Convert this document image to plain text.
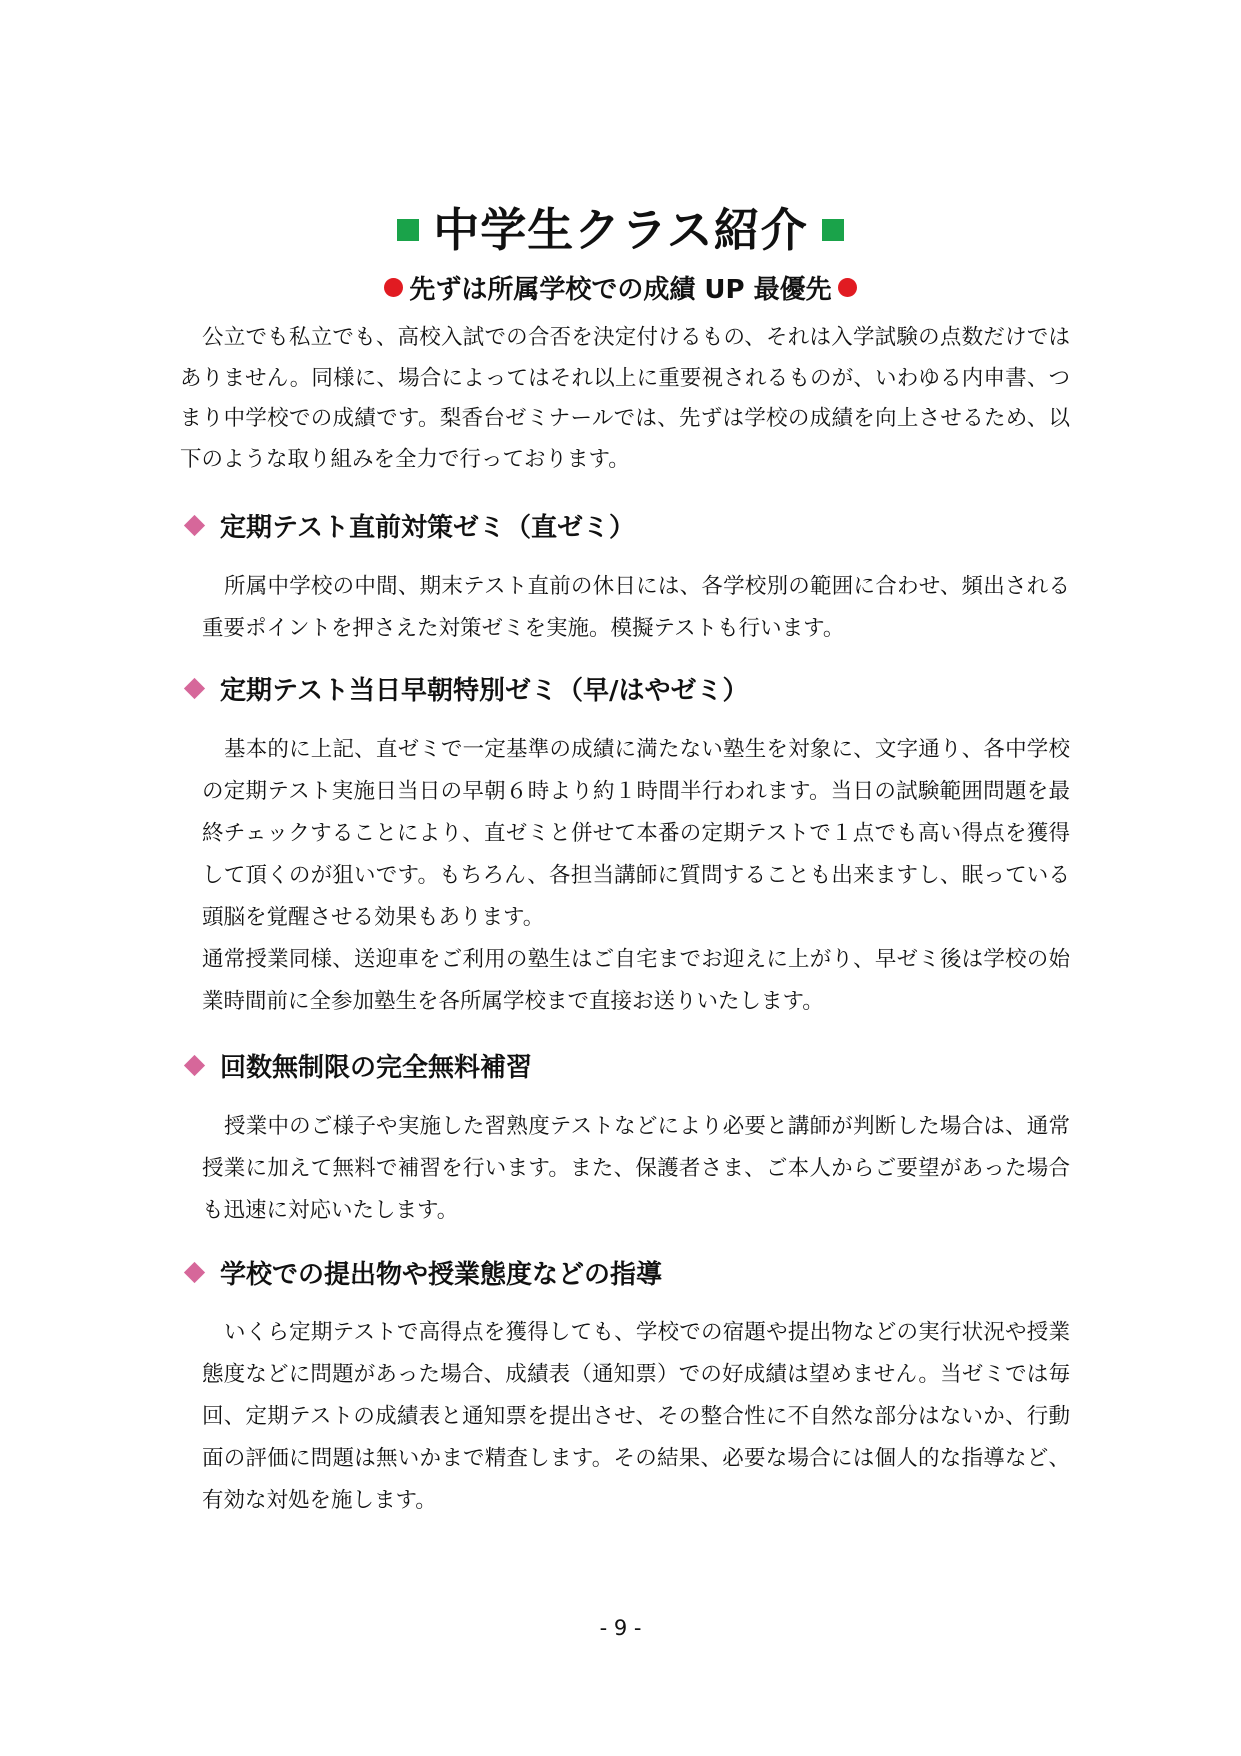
中学生クラス紹介
先ずは所属学校での成績 UP 最優先
公立でも私立でも、高校入試での合否を決定付けるもの、それは入学試験の点数だけではありません。同様に、場合によってはそれ以上に重要視されるものが、いわゆる内申書、つまり中学校での成績です。梨香台ゼミナールでは、先ずは学校の成績を向上させるため、以下のような取り組みを全力で行っております。
定期テスト直前対策ゼミ（直ゼミ）

所属中学校の中間、期末テスト直前の休日には、各学校別の範囲に合わせ、頻出される重要ポイントを押さえた対策ゼミを実施。模擬テストも行います。

定期テスト当日早朝特別ゼミ（早/はやゼミ）

基本的に上記、直ゼミで一定基準の成績に満たない塾生を対象に、文字通り、各中学校の定期テスト実施日当日の早朝６時より約１時間半行われます。当日の試験範囲問題を最終チェックすることにより、直ゼミと併せて本番の定期テストで１点でも高い得点を獲得して頂くのが狙いです。もちろん、各担当講師に質問することも出来ますし、眠っている頭脳を覚醒させる効果もあります。

通常授業同様、送迎車をご利用の塾生はご自宅までお迎えに上がり、早ゼミ後は学校の始業時間前に全参加塾生を各所属学校まで直接お送りいたします。

回数無制限の完全無料補習

授業中のご様子や実施した習熟度テストなどにより必要と講師が判断した場合は、通常授業に加えて無料で補習を行います。また、保護者さま、ご本人からご要望があった場合も迅速に対応いたします。

学校での提出物や授業態度などの指導

いくら定期テストで高得点を獲得しても、学校での宿題や提出物などの実行状況や授業態度などに問題があった場合、成績表（通知票）での好成績は望めません。当ゼミでは毎回、定期テストの成績表と通知票を提出させ、その整合性に不自然な部分はないか、行動面の評価に問題は無いかまで精査します。その結果、必要な場合には個人的な指導など、有効な対処を施します。

- 9 -
